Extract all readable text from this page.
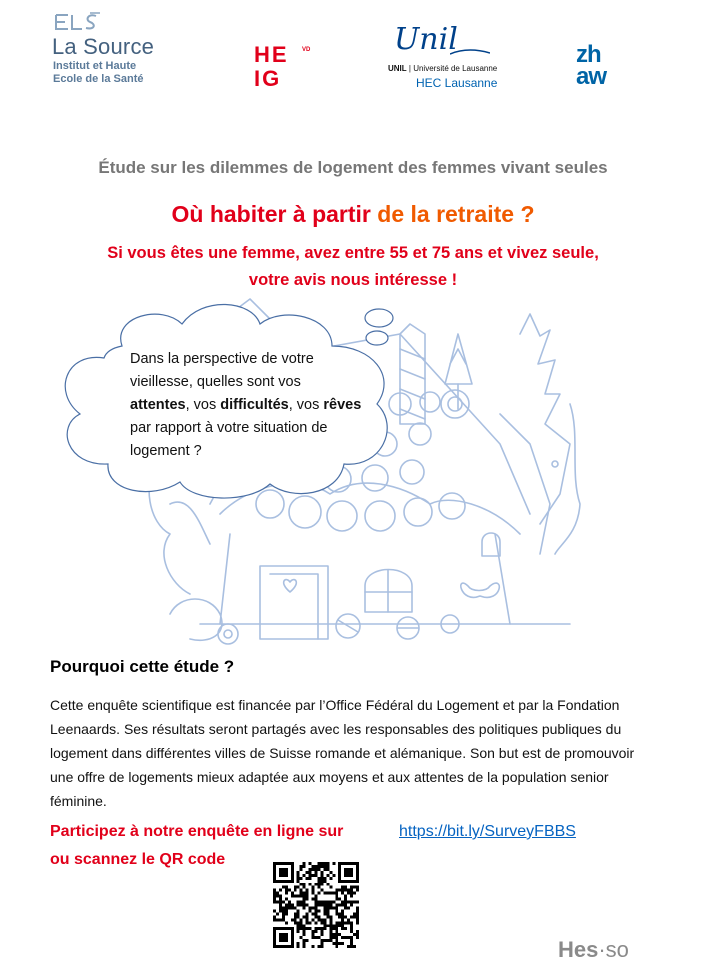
La Source
Institut et Haute
Ecole de la Santé
HE
IG
VD	Unil
UNIL | Université de Lausanne
HEC Lausanne
zh
aw
Étude sur les dilemmes de logement des femmes vivant seules
Où habiter à partir de la retraite ?
Si vous êtes une femme, avez entre 55 et 75 ans et vivez seule,
votre avis nous intéresse !
Dans la perspective de votre vieillesse, quelles sont vos attentes, vos difficultés, vos rêves par rapport à votre situation de logement ?
Pourquoi cette étude ?
Cette enquête scientifique est financée par l’Office Fédéral du Logement et par la Fondation Leenaards. Ses résultats seront partagés avec les responsables des politiques publiques du logement dans différentes villes de Suisse romande et alémanique. Son but est de promouvoir une offre de logements mieux adaptée aux moyens et aux attentes de la population senior féminine.
Participez à notre enquête en ligne sur	https://bit.ly/SurveyFBBS
ou scannez le QR code
Hes·so
